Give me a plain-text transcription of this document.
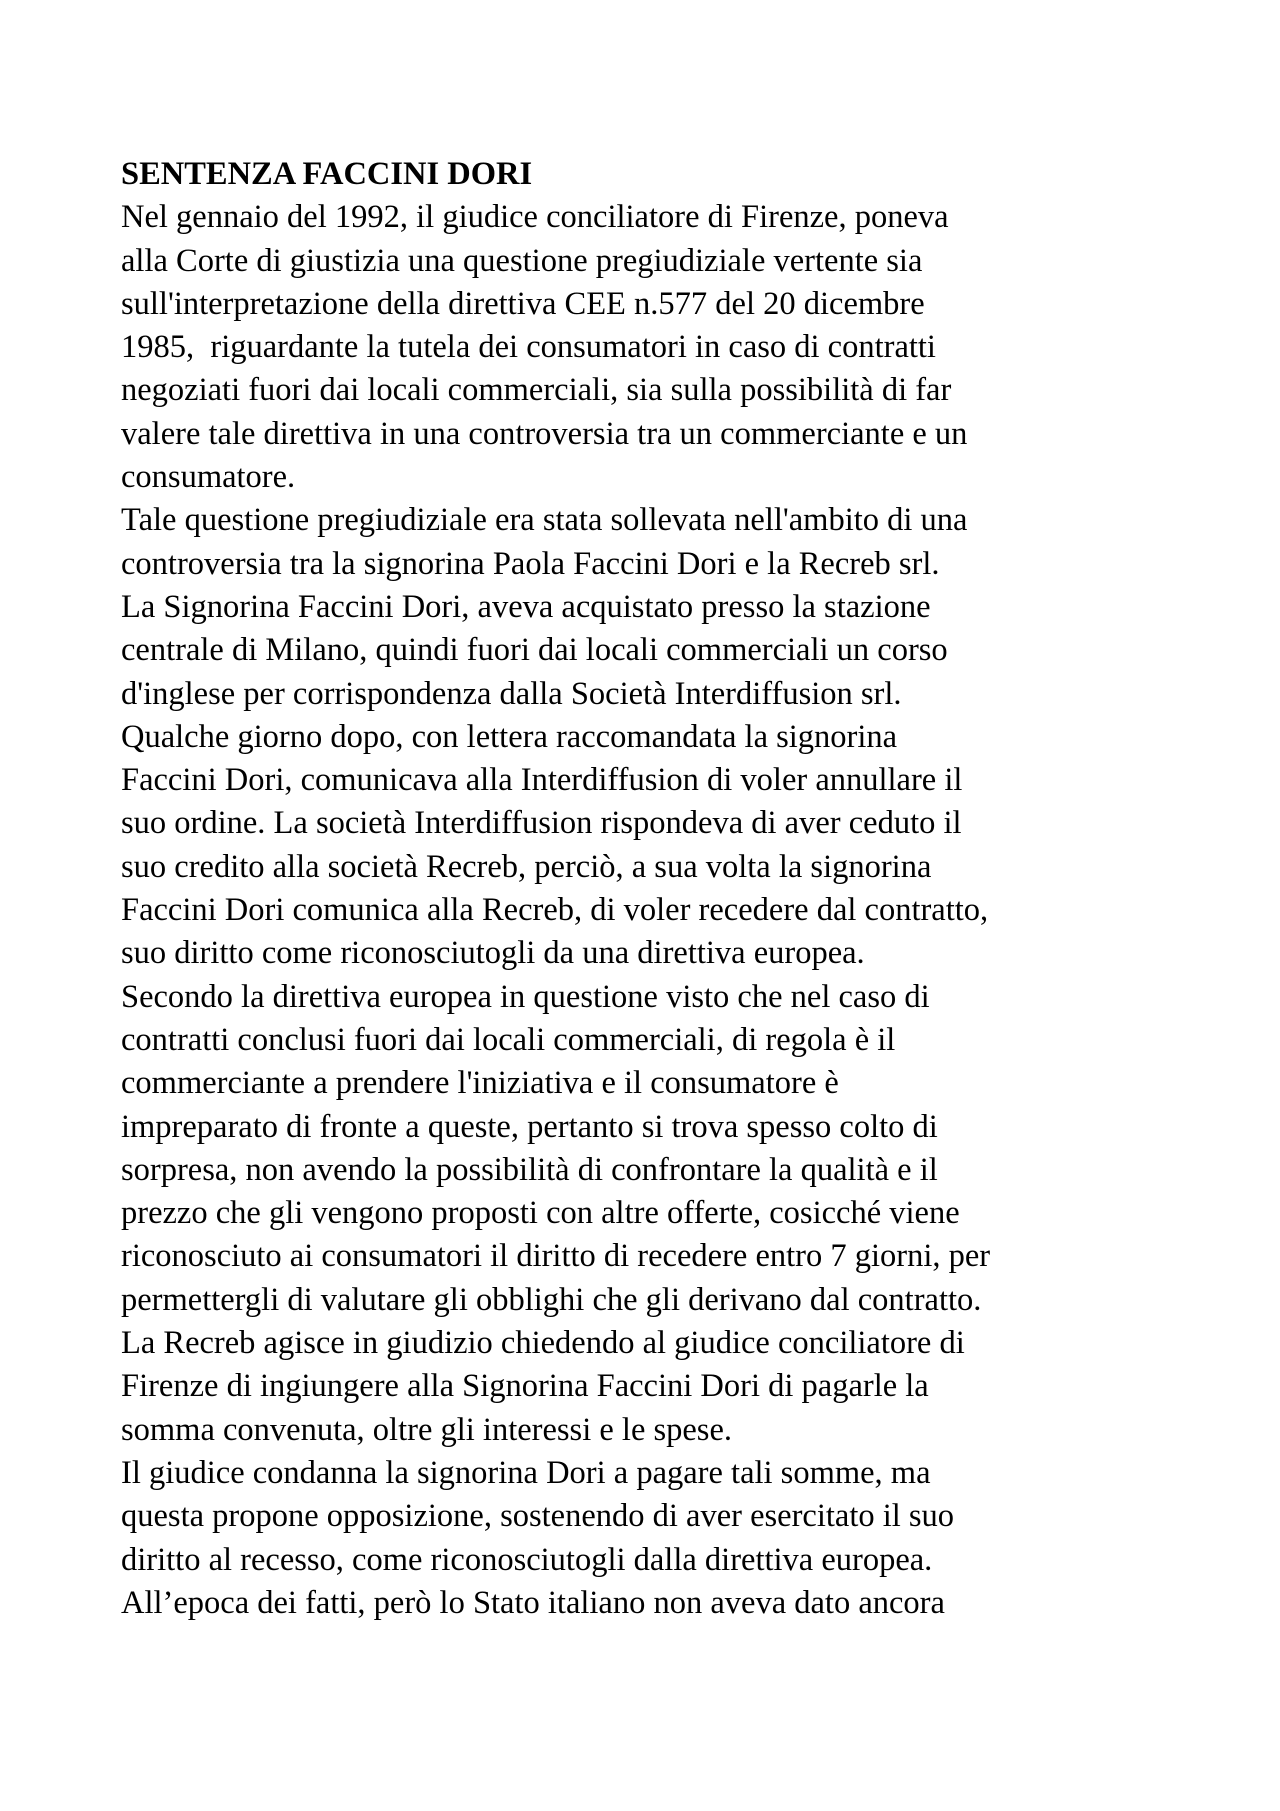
SENTENZA FACCINI DORI
Nel gennaio del 1992, il giudice conciliatore di Firenze, poneva
alla Corte di giustizia una questione pregiudiziale vertente sia
sull'interpretazione della direttiva CEE n.577 del 20 dicembre
1985,  riguardante la tutela dei consumatori in caso di contratti
negoziati fuori dai locali commerciali, sia sulla possibilità di far
valere tale direttiva in una controversia tra un commerciante e un
consumatore.
Tale questione pregiudiziale era stata sollevata nell'ambito di una
controversia tra la signorina Paola Faccini Dori e la Recreb srl.
La Signorina Faccini Dori, aveva acquistato presso la stazione
centrale di Milano, quindi fuori dai locali commerciali un corso
d'inglese per corrispondenza dalla Società Interdiffusion srl.
Qualche giorno dopo, con lettera raccomandata la signorina
Faccini Dori, comunicava alla Interdiffusion di voler annullare il
suo ordine. La società Interdiffusion rispondeva di aver ceduto il
suo credito alla società Recreb, perciò, a sua volta la signorina
Faccini Dori comunica alla Recreb, di voler recedere dal contratto,
suo diritto come riconosciutogli da una direttiva europea.
Secondo la direttiva europea in questione visto che nel caso di
contratti conclusi fuori dai locali commerciali, di regola è il
commerciante a prendere l'iniziativa e il consumatore è
impreparato di fronte a queste, pertanto si trova spesso colto di
sorpresa, non avendo la possibilità di confrontare la qualità e il
prezzo che gli vengono proposti con altre offerte, cosicché viene
riconosciuto ai consumatori il diritto di recedere entro 7 giorni, per
permettergli di valutare gli obblighi che gli derivano dal contratto.
La Recreb agisce in giudizio chiedendo al giudice conciliatore di
Firenze di ingiungere alla Signorina Faccini Dori di pagarle la
somma convenuta, oltre gli interessi e le spese.
Il giudice condanna la signorina Dori a pagare tali somme, ma
questa propone opposizione, sostenendo di aver esercitato il suo
diritto al recesso, come riconosciutogli dalla direttiva europea.
All’epoca dei fatti, però lo Stato italiano non aveva dato ancora
